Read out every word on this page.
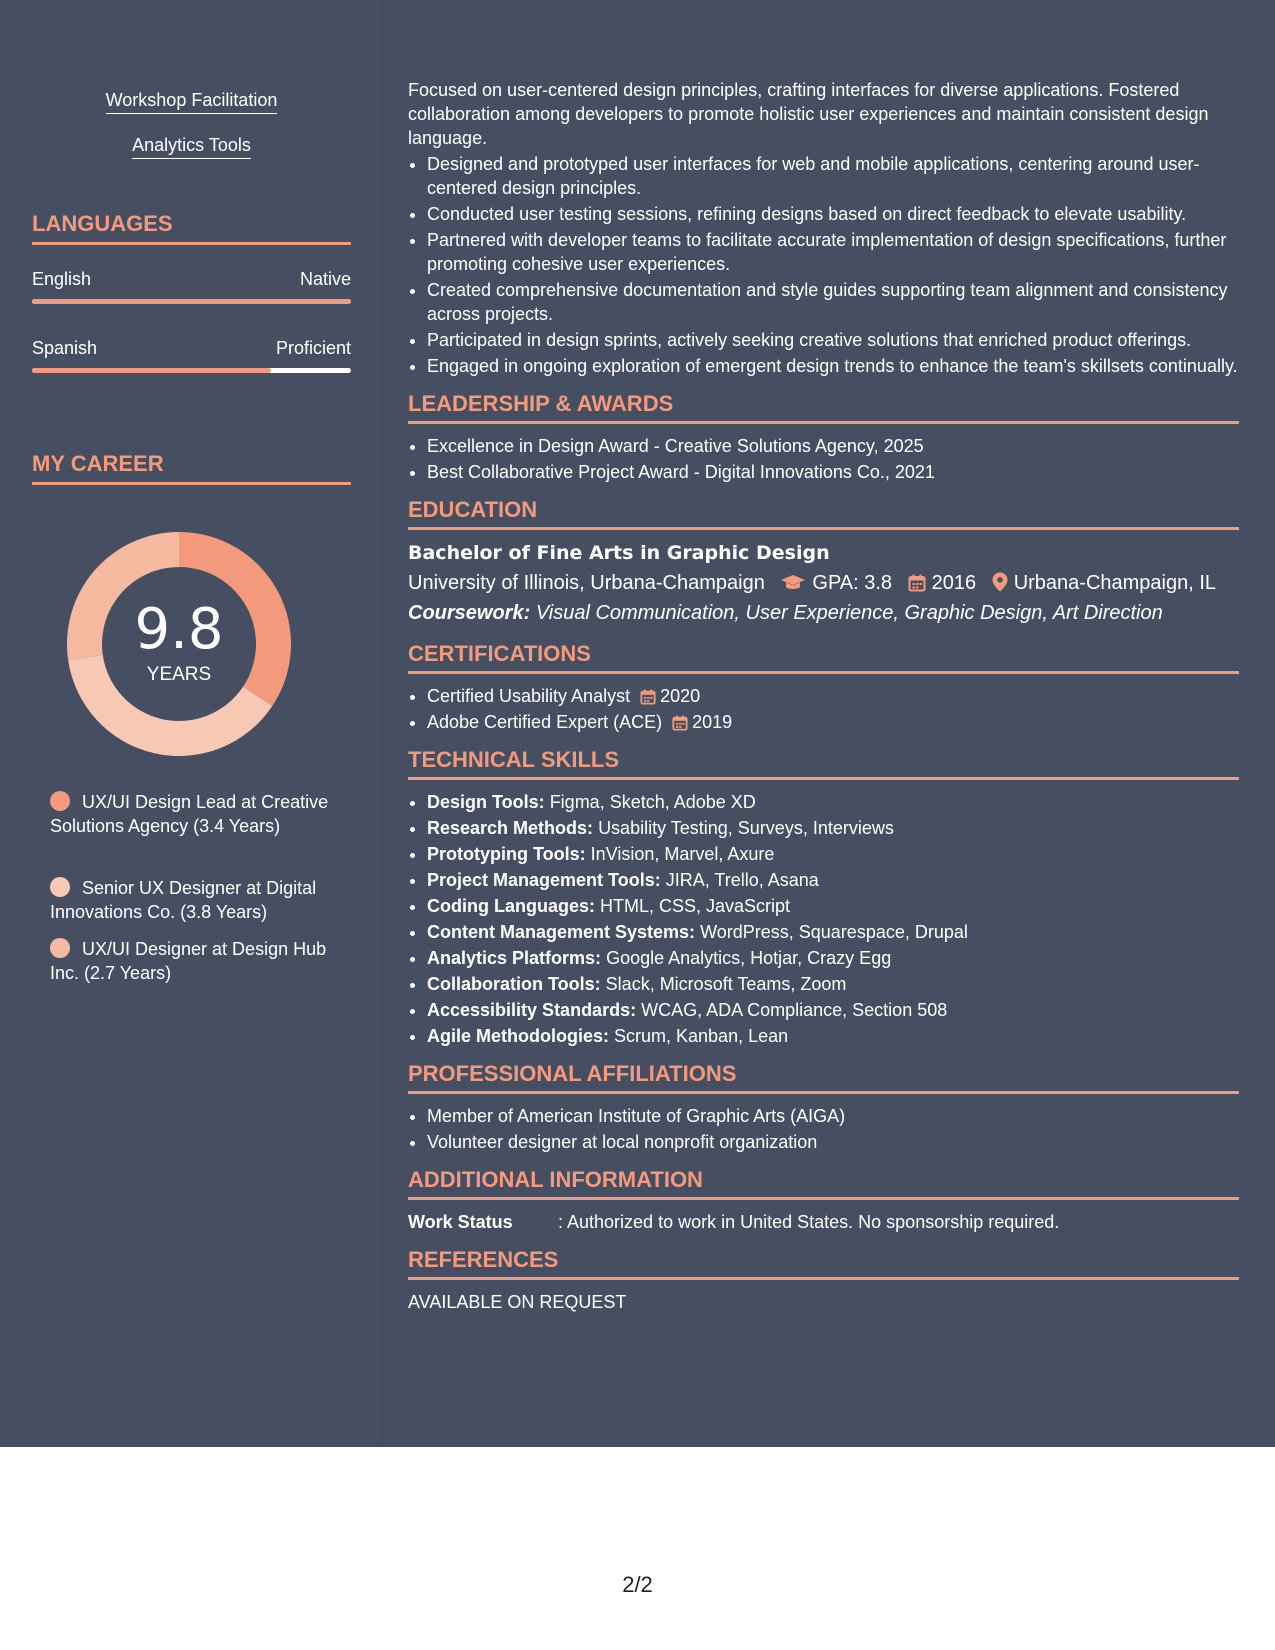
Workshop Facilitation
Analytics Tools
LANGUAGES
English	Native
Spanish	Proficient
MY CAREER
9.8
YEARS
UX/UI Design Lead at Creative Solutions Agency (3.4 Years)
Senior UX Designer at Digital Innovations Co. (3.8 Years)
UX/UI Designer at Design Hub Inc. (2.7 Years)

Focused on user-centered design principles, crafting interfaces for diverse applications. Fostered collaboration among developers to promote holistic user experiences and maintain consistent design language.

• Designed and prototyped user interfaces for web and mobile applications, centering around user-centered design principles.
• Conducted user testing sessions, refining designs based on direct feedback to elevate usability.
• Partnered with developer teams to facilitate accurate implementation of design specifications, further promoting cohesive user experiences.
• Created comprehensive documentation and style guides supporting team alignment and consistency across projects.
• Participated in design sprints, actively seeking creative solutions that enriched product offerings.
• Engaged in ongoing exploration of emergent design trends to enhance the team's skillsets continually.
LEADERSHIP & AWARDS
• Excellence in Design Award - Creative Solutions Agency, 2025
• Best Collaborative Project Award - Digital Innovations Co., 2021
EDUCATION
Bachelor of Fine Arts in Graphic Design
University of Illinois, Urbana-Champaign GPA: 3.8 2016 Urbana-Champaign, IL
Coursework: Visual Communication, User Experience, Graphic Design, Art Direction
CERTIFICATIONS
• Certified Usability Analyst 2020
• Adobe Certified Expert (ACE) 2019
TECHNICAL SKILLS
• Design Tools: Figma, Sketch, Adobe XD
• Research Methods: Usability Testing, Surveys, Interviews
• Prototyping Tools: InVision, Marvel, Axure
• Project Management Tools: JIRA, Trello, Asana
• Coding Languages: HTML, CSS, JavaScript
• Content Management Systems: WordPress, Squarespace, Drupal
• Analytics Platforms: Google Analytics, Hotjar, Crazy Egg
• Collaboration Tools: Slack, Microsoft Teams, Zoom
• Accessibility Standards: WCAG, ADA Compliance, Section 508
• Agile Methodologies: Scrum, Kanban, Lean
PROFESSIONAL AFFILIATIONS
• Member of American Institute of Graphic Arts (AIGA)
• Volunteer designer at local nonprofit organization
ADDITIONAL INFORMATION
Work Status	: Authorized to work in United States. No sponsorship required.
REFERENCES
AVAILABLE ON REQUEST
2/2
